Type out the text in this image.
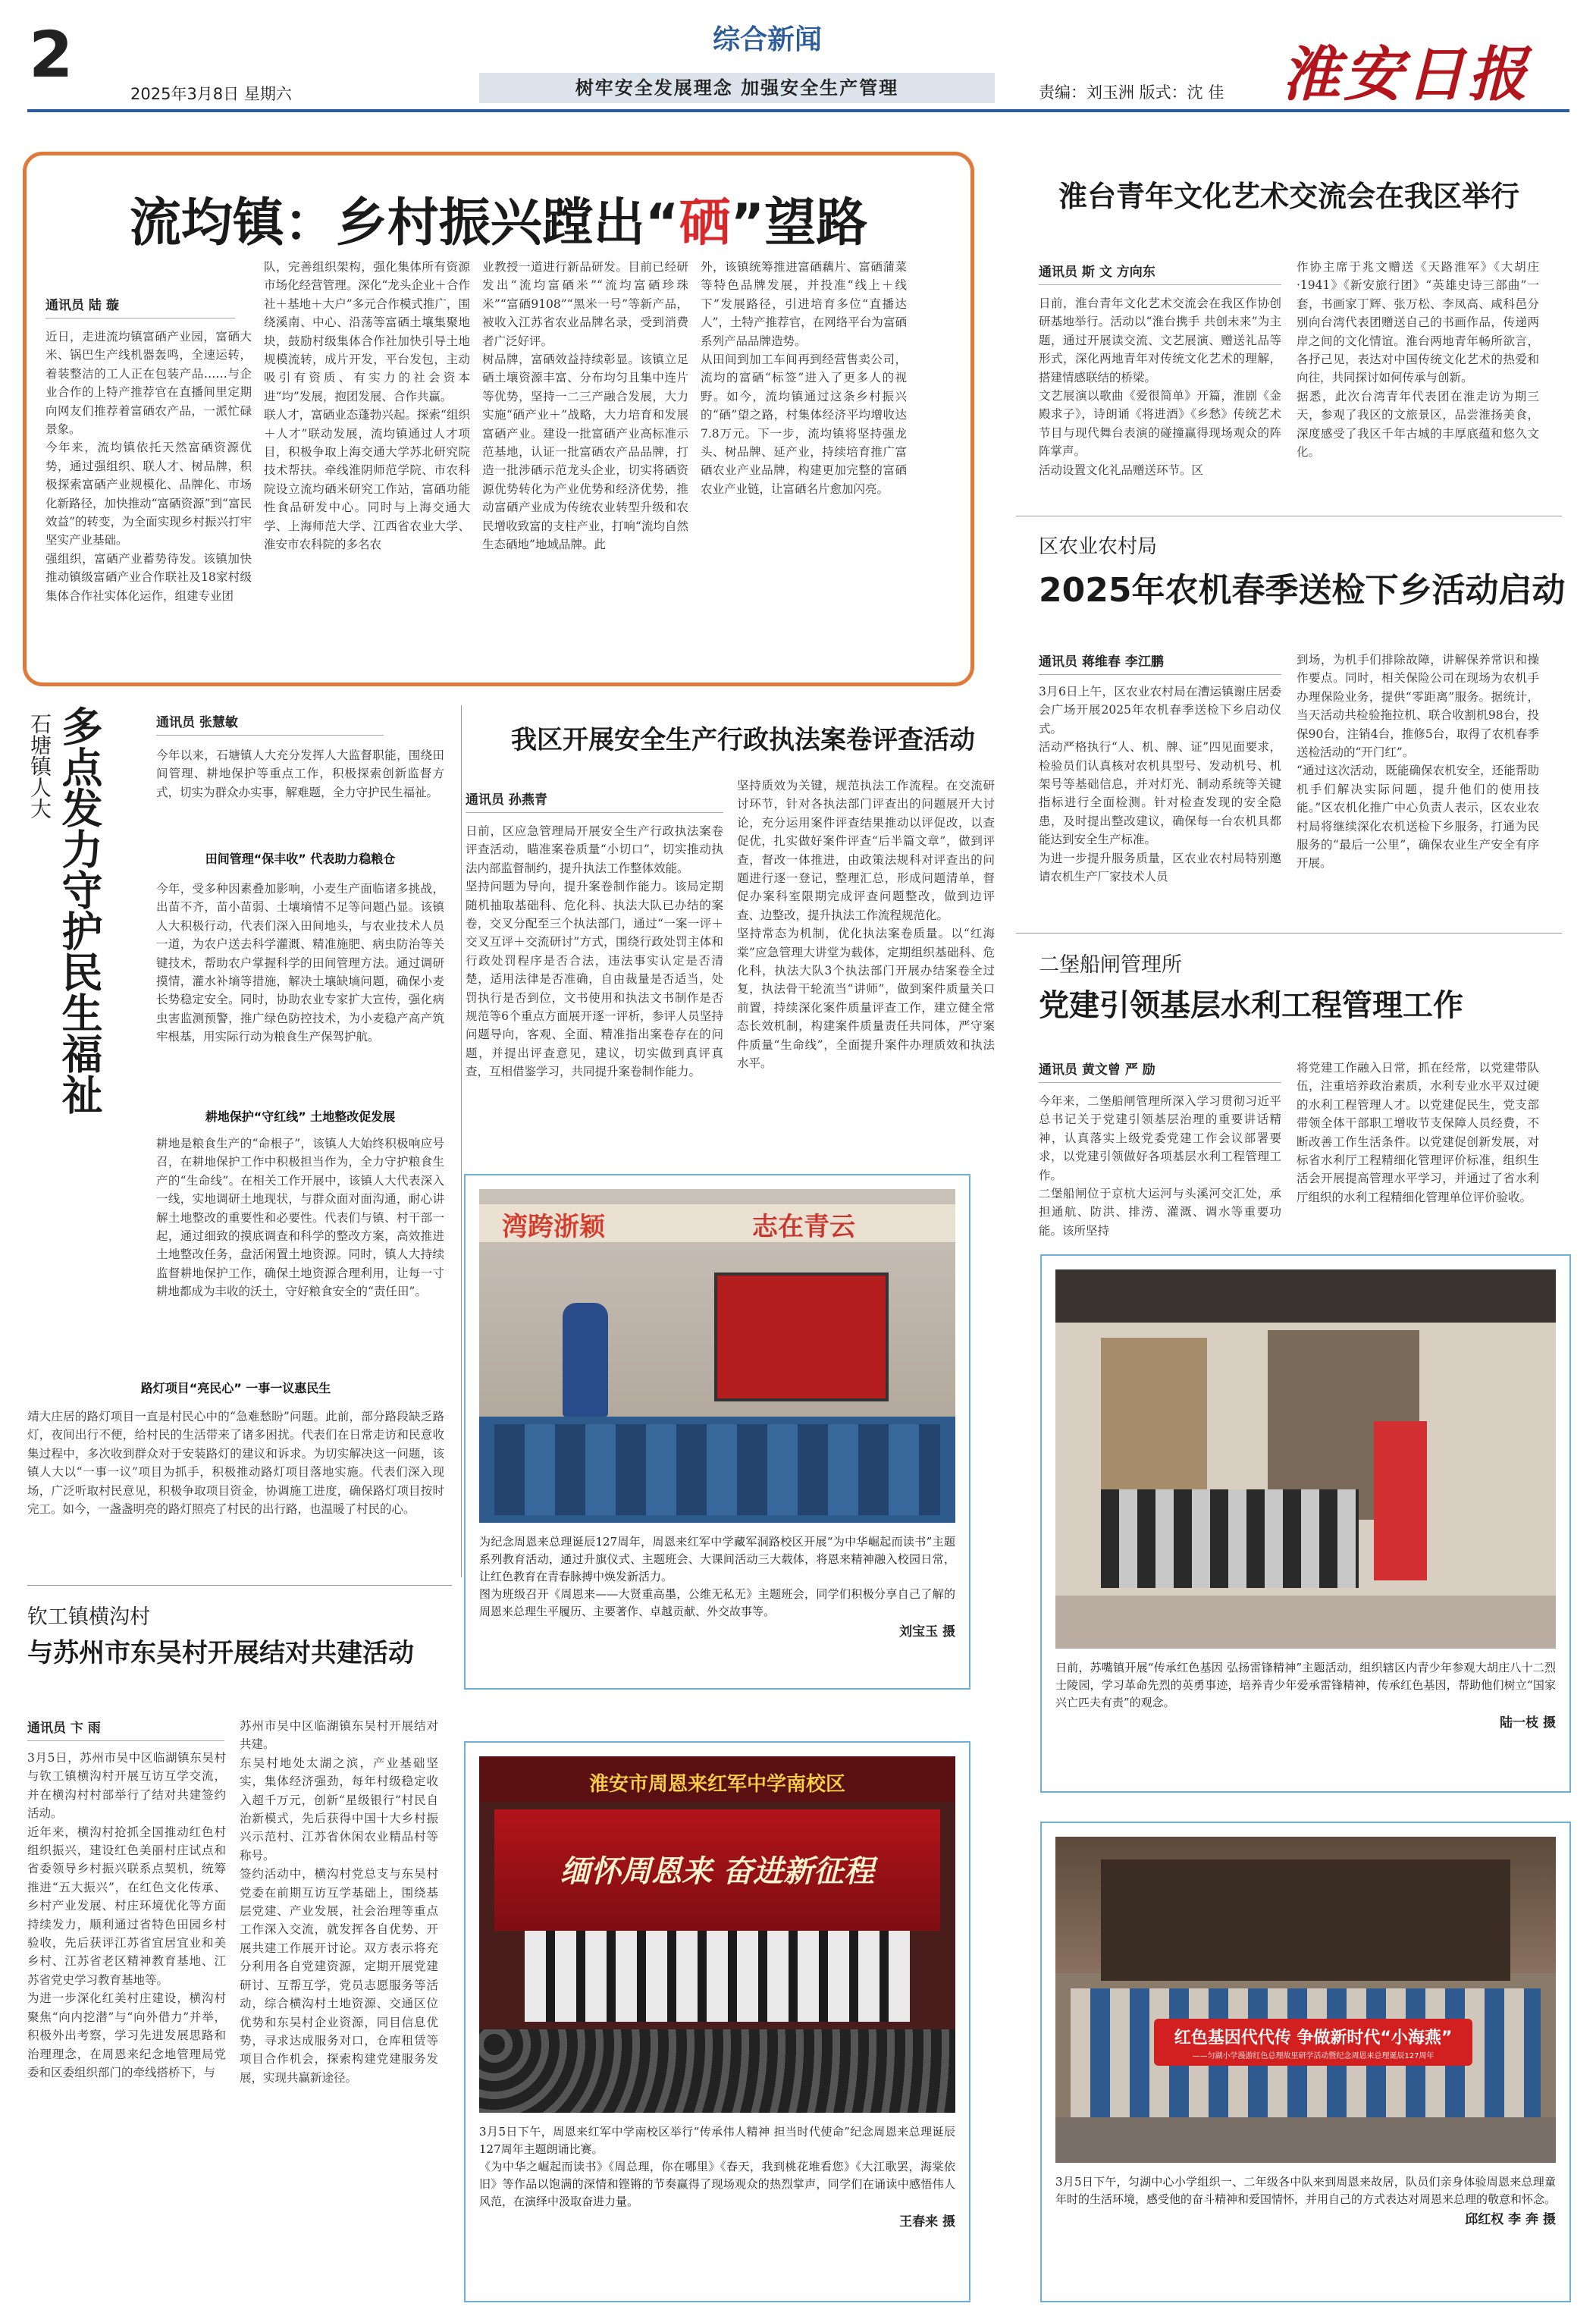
2
2025年3月8日 星期六
综合新闻
树牢安全发展理念 加强安全生产管理	责编：刘玉洲 版式：沈 佳 淮安日报
流均镇：乡村振兴蹚出“硒”望路
通讯员 陆 璇
近日，走进流均镇富硒产业园，富硒大米、锅巴生产线机器轰鸣，全速运转，着装整洁的工人正在包装产品……与企业合作的上特产推荐官在直播间里定期向网友们推荐着富硒农产品，一派忙碌景象。
今年来，流均镇依托天然富硒资源优势，通过强组织、联人才、树品牌，积极探索富硒产业规模化、品牌化、市场化新路径，加快推动“富硒资源”到“富民效益”的转变，为全面实现乡村振兴打牢坚实产业基础。
强组织，富硒产业蓄势待发。该镇加快推动镇级富硒产业合作联社及18家村级集体合作社实体化运作，组建专业团
队，完善组织架构，强化集体所有资源市场化经营管理。深化“龙头企业＋合作社＋基地＋大户”多元合作模式推广，围绕溪南、中心、沿荡等富硒土壤集聚地块，鼓励村级集体合作社加快引导土地规模流转，成片开发，平台发包，主动吸引有资质、有实力的社会资本进“均”发展，抱团发展、合作共赢。
联人才，富硒业态蓬勃兴起。探索“组织＋人才”联动发展，流均镇通过人才项目，积极争取上海交通大学苏北研究院技术帮扶。牵线淮阴师范学院、市农科院设立流均硒米研究工作站，富硒功能性食品研发中心。同时与上海交通大学、上海师范大学、江西省农业大学、淮安市农科院的多名农
业教授一道进行新品研发。目前已经研发出“流均富硒米”“流均富硒珍珠米”“富硒9108”“黑米一号”等新产品，被收入江苏省农业品牌名录，受到消费者广泛好评。
树品牌，富硒效益持续彰显。该镇立足硒土壤资源丰富、分布均匀且集中连片等优势，坚持一二三产融合发展，大力实施“硒产业＋”战略，大力培育和发展富硒产业。建设一批富硒产业高标准示范基地，认证一批富硒农产品品牌，打造一批涉硒示范龙头企业，切实将硒资源优势转化为产业优势和经济优势，推动富硒产业成为传统农业转型升级和农民增收致富的支柱产业，打响“流均自然生态硒地”地域品牌。此
外，该镇统筹推进富硒藕片、富硒蒲菜等特色品牌发展，并投准“线上＋线下”发展路径，引进培育多位“直播达人”，土特产推荐官，在网络平台为富硒系列产品品牌造势。
从田间到加工车间再到经营售卖公司，流均的富硒“标签”进入了更多人的视野。如今，流均镇通过这条乡村振兴的“硒”望之路，村集体经济平均增收达7.8万元。下一步，流均镇将坚持强龙头、树品牌、延产业，持续培育推广富硒农业产业品牌，构建更加完整的富硒农业产业链，让富硒名片愈加闪亮。
淮台青年文化艺术交流会在我区举行
通讯员 斯 文 方向东
日前，淮台青年文化艺术交流会在我区作协创研基地举行。活动以“淮台携手 共创未来”为主题，通过开展读交流、文艺展演、赠送礼品等形式，深化两地青年对传统文化艺术的理解，搭建情感联结的桥梁。
文艺展演以歌曲《爱很简单》开篇，淮剧《金殿求子》，诗朗诵《将进酒》《乡愁》传统艺术节目与现代舞台表演的碰撞赢得现场观众的阵阵掌声。
活动设置文化礼品赠送环节。区
作协主席于兆文赠送《天路淮军》《大胡庄·1941》《新安旅行团》“英雄史诗三部曲”一套，书画家丁辉、张万松、李凤高、咸科邑分别向台湾代表团赠送自己的书画作品，传递两岸之间的文化情谊。淮台两地青年畅所欲言，各抒己见，表达对中国传统文化艺术的热爱和向往，共同探讨如何传承与创新。
据悉，此次台湾青年代表团在淮走访为期三天，参观了我区的文旅景区，品尝淮扬美食，深度感受了我区千年古城的丰厚底蕴和悠久文化。
区农业农村局
2025年农机春季送检下乡活动启动
通讯员 蒋维春 李江鹏
3月6日上午，区农业农村局在漕运镇谢庄居委会广场开展2025年农机春季送检下乡启动仪式。
活动严格执行“人、机、牌、证”四见面要求，检验员们认真核对农机具型号、发动机号、机架号等基础信息，并对灯光、制动系统等关键指标进行全面检测。针对检查发现的安全隐患，及时提出整改建议，确保每一台农机具都能达到安全生产标准。
为进一步提升服务质量，区农业农村局特别邀请农机生产厂家技术人员
到场，为机手们排除故障，讲解保养常识和操作要点。同时，相关保险公司在现场为农机手办理保险业务，提供“零距离”服务。据统计，当天活动共检验拖拉机、联合收割机98台，投保90台，注销4台，推修5台，取得了农机春季送检活动的“开门红”。
“通过这次活动，既能确保农机安全，还能帮助机手们解决实际问题，提升他们的使用技能。”区农机化推广中心负责人表示，区农业农村局将继续深化农机送检下乡服务，打通为民服务的“最后一公里”，确保农业生产安全有序开展。
石塘镇人大 多点发力守护民生福祉	通讯员 张慧敏
今年以来，石塘镇人大充分发挥人大监督职能，围绕田间管理、耕地保护等重点工作，积极探索创新监督方式，切实为群众办实事，解难题，全力守护民生福祉。
田间管理“保丰收” 代表助力稳粮仓
今年，受多种因素叠加影响，小麦生产面临诸多挑战，出苗不齐，苗小苗弱、土壤墒情不足等问题凸显。该镇人大积极行动，代表们深入田间地头，与农业技术人员一道，为农户送去科学灌溉、精准施肥、病虫防治等关键技术，帮助农户掌握科学的田间管理方法。通过调研摸情，灌水补墒等措施，解决土壤缺墒问题，确保小麦长势稳定安全。同时，协助农业专家扩大宣传，强化病虫害监测预警，推广绿色防控技术，为小麦稳产高产筑牢根基，用实际行动为粮食生产保驾护航。
耕地保护“守红线” 土地整改促发展
耕地是粮食生产的“命根子”，该镇人大始终积极响应号召，在耕地保护工作中积极担当作为，全力守护粮食生产的“生命线”。在相关工作开展中，该镇人大代表深入一线，实地调研土地现状，与群众面对面沟通，耐心讲解土地整改的重要性和必要性。代表们与镇、村干部一起，通过细致的摸底调查和科学的整改方案，高效推进土地整改任务，盘活闲置土地资源。同时，镇人大持续监督耕地保护工作，确保土地资源合理利用，让每一寸耕地都成为丰收的沃土，守好粮食安全的“责任田”。
路灯项目“亮民心” 一事一议惠民生
靖大庄居的路灯项目一直是村民心中的“急难愁盼”问题。此前，部分路段缺乏路灯，夜间出行不便，给村民的生活带来了诸多困扰。代表们在日常走访和民意收集过程中，多次收到群众对于安装路灯的建议和诉求。为切实解决这一问题，该镇人大以“一事一议”项目为抓手，积极推动路灯项目落地实施。代表们深入现场，广泛听取村民意见，积极争取项目资金，协调施工进度，确保路灯项目按时完工。如今，一盏盏明亮的路灯照亮了村民的出行路，也温暖了村民的心。
我区开展安全生产行政执法案卷评查活动
通讯员 孙燕青
日前，区应急管理局开展安全生产行政执法案卷评查活动，瞄准案卷质量“小切口”，切实推动执法内部监督制约，提升执法工作整体效能。
坚持问题为导向，提升案卷制作能力。该局定期随机抽取基础科、危化科、执法大队已办结的案卷，交叉分配至三个执法部门，通过“一案一评＋交叉互评＋交流研讨”方式，围绕行政处罚主体和行政处罚程序是否合法，违法事实认定是否清楚，适用法律是否准确，自由裁量是否适当，处罚执行是否到位，文书使用和执法文书制作是否规范等6个重点方面展开逐一评析，参评人员坚持问题导向，客观、全面、精准指出案卷存在的问题，并提出评查意见，建议，切实做到真评真查，互相借鉴学习，共同提升案卷制作能力。
坚持质效为关键，规范执法工作流程。在交流研讨环节，针对各执法部门评查出的问题展开大讨论，充分运用案件评查结果推动以评促改，以查促优，扎实做好案件评查“后半篇文章”，做到评查，督改一体推进，由政策法规科对评查出的问题进行逐一登记，整理汇总，形成问题清单，督促办案科室限期完成评查问题整改，做到边评查、边整改，提升执法工作流程规范化。
坚持常态为机制，优化执法案卷质量。以“红海棠”应急管理大讲堂为载体，定期组织基础科、危化科，执法大队3个执法部门开展办结案卷全过复，执法骨干轮流当“讲师”，做到案件质量关口前置，持续深化案件质量评查工作，建立健全常态长效机制，构建案件质量责任共同体，严守案件质量“生命线”，全面提升案件办理质效和执法水平。
湾跨浙颖	志在青云
为纪念周恩来总理诞辰127周年，周恩来红军中学藏军洞路校区开展“为中华崛起而读书”主题系列教育活动，通过升旗仪式、主题班会、大课间活动三大载体，将恩来精神融入校园日常，让红色教育在青春脉搏中焕发新活力。
图为班级召开《周恩来——大贤重高墨，公维无私无》主题班会，同学们积极分享自己了解的周恩来总理生平履历、主要著作、卓越贡献、外交故事等。
刘宝玉 摄
淮安市周恩来红军中学南校区
缅怀周恩来 奋进新征程
3月5日下午，周恩来红军中学南校区举行“传承伟人精神 担当时代使命”纪念周恩来总理诞辰127周年主题朗诵比赛。
《为中华之崛起而读书》《周总理，你在哪里》《春天，我到桃花堆看您》《大江歌罢，海棠依旧》等作品以饱满的深情和铿锵的节奏赢得了现场观众的热烈掌声，同学们在诵读中感悟伟人风范，在演绎中汲取奋进力量。
王春来 摄
钦工镇横沟村
与苏州市东吴村开展结对共建活动
通讯员 卞 雨
3月5日，苏州市吴中区临湖镇东吴村与钦工镇横沟村开展互访互学交流，并在横沟村村部举行了结对共建签约活动。
近年来，横沟村抢抓全国推动红色村组织振兴，建设红色美丽村庄试点和省委领导乡村振兴联系点契机，统筹推进“五大振兴”，在红色文化传承、乡村产业发展、村庄环境优化等方面持续发力，顺利通过省特色田园乡村验收，先后获评江苏省宜居宜业和美乡村、江苏省老区精神教育基地、江苏省党史学习教育基地等。
为进一步深化红美村庄建设，横沟村聚焦“向内挖潜”与“向外借力”并举，积极外出考察，学习先进发展思路和治理理念，在周恩来纪念地管理局党委和区委组织部门的牵线搭桥下，与
苏州市吴中区临湖镇东吴村开展结对共建。
东吴村地处太湖之滨，产业基础坚实，集体经济强劲，每年村级稳定收入超千万元，创新“星级银行”村民自治新模式，先后获得中国十大乡村振兴示范村、江苏省休闲农业精品村等称号。
签约活动中，横沟村党总支与东吴村党委在前期互访互学基础上，围绕基层党建、产业发展，社会治理等重点工作深入交流，就发挥各自优势、开展共建工作展开讨论。双方表示将充分利用各自党建资源，定期开展党建研讨、互帮互学，党员志愿服务等活动，综合横沟村土地资源、交通区位优势和东吴村企业资源，同目信息优势，寻求达成服务对口，仓库租赁等项目合作机会，探索构建党建服务发展，实现共赢新途径。
二堡船闸管理所
党建引领基层水利工程管理工作
通讯员 黄文曾 严 励
今年来，二堡船闸管理所深入学习贯彻习近平总书记关于党建引领基层治理的重要讲话精神，认真落实上级党委党建工作会议部署要求，以党建引领做好各项基层水利工程管理工作。
二堡船闸位于京杭大运河与头溪河交汇处，承担通航、防洪、排涝、灌溉、调水等重要功能。该所坚持
将党建工作融入日常，抓在经常，以党建带队伍，注重培养政治素质，水利专业水平双过硬的水利工程管理人才。以党建促民生，党支部带领全体干部职工增收节支保障人员经费，不断改善工作生活条件。以党建促创新发展，对标省水利厅工程精细化管理评价标准，组织生活会开展提高管理水平学习，并通过了省水利厅组织的水利工程精细化管理单位评价验收。
日前，苏嘴镇开展“传承红色基因 弘扬雷锋精神”主题活动，组织辖区内青少年参观大胡庄八十二烈士陵园，学习革命先烈的英勇事迹，培养青少年爱承雷锋精神，传承红色基因，帮助他们树立“国家兴亡匹夫有责”的观念。
陆一枝 摄
红色基因代代传 争做新时代“小海燕”
——匀湖小学漫游红色总理故里研学活动暨纪念周恩来总理诞辰127周年
3月5日下午，匀湖中心小学组织一、二年级各中队来到周恩来故居，队员们亲身体验周恩来总理童年时的生活环境，感受他的奋斗精神和爱国情怀，并用自己的方式表达对周恩来总理的敬意和怀念。
邱红权 李 奔 摄
